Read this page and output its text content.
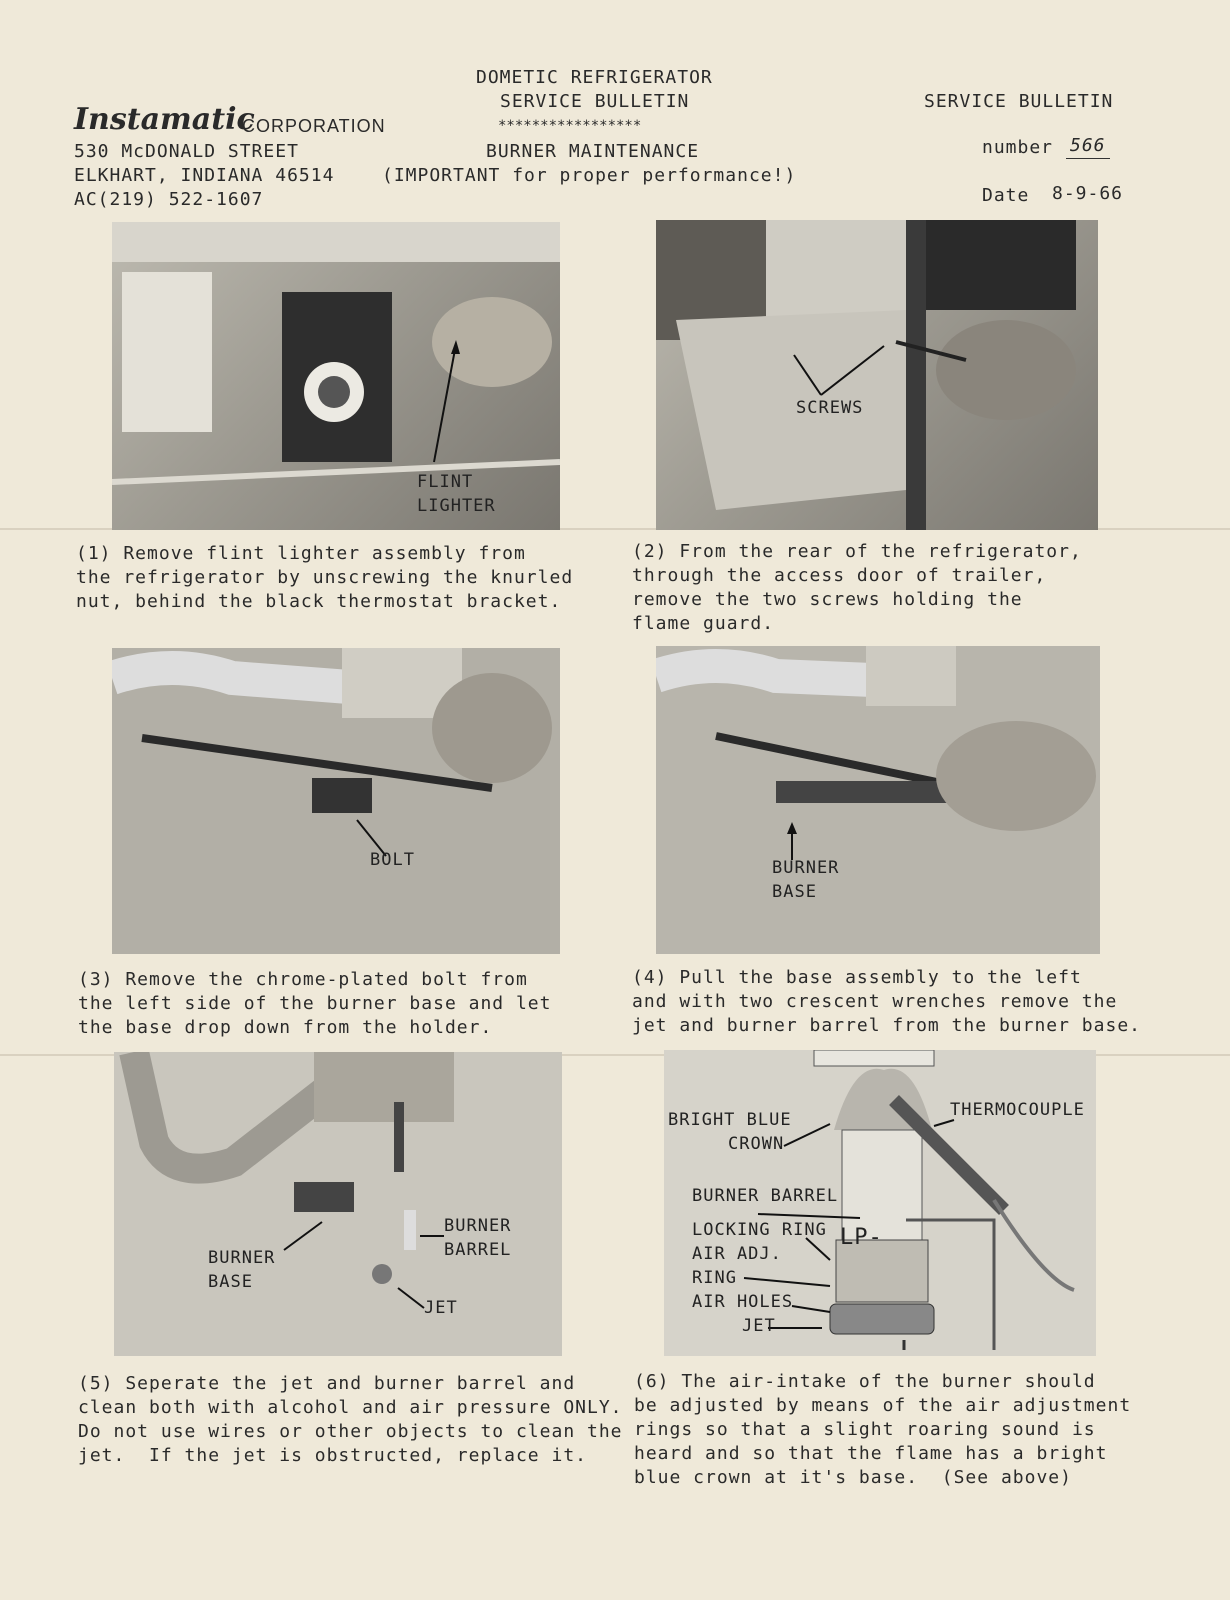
Instamatic
CORPORATION
530 McDONALD STREET
ELKHART, INDIANA 46514
AC(219) 522-1607
DOMETIC REFRIGERATOR
SERVICE BULLETIN
*****************
BURNER MAINTENANCE
(IMPORTANT for proper performance!)
SERVICE BULLETIN
number 566
Date 8-9-66
FLINT
LIGHTER
SCREWS
BOLT	BURNER
BASE
BURNER
BARREL
BURNER
BASE
JET
BRIGHT BLUE
CROWN
THERMOCOUPLE
BURNER BARREL
LOCKING RING
AIR ADJ.
RING
AIR HOLES
JET
LP-
(1) Remove flint lighter assembly from
the refrigerator by unscrewing the knurled
nut, behind the black thermostat bracket.
(2) From the rear of the refrigerator,
through the access door of trailer,
remove the two screws holding the
flame guard.
(3) Remove the chrome-plated bolt from
the left side of the burner base and let
the base drop down from the holder.
(4) Pull the base assembly to the left
and with two crescent wrenches remove the
jet and burner barrel from the burner base.
(5) Seperate the jet and burner barrel and
clean both with alcohol and air pressure ONLY.
Do not use wires or other objects to clean the
jet.  If the jet is obstructed, replace it.
(6) The air-intake of the burner should
be adjusted by means of the air adjustment
rings so that a slight roaring sound is
heard and so that the flame has a bright
blue crown at it's base.  (See above)
